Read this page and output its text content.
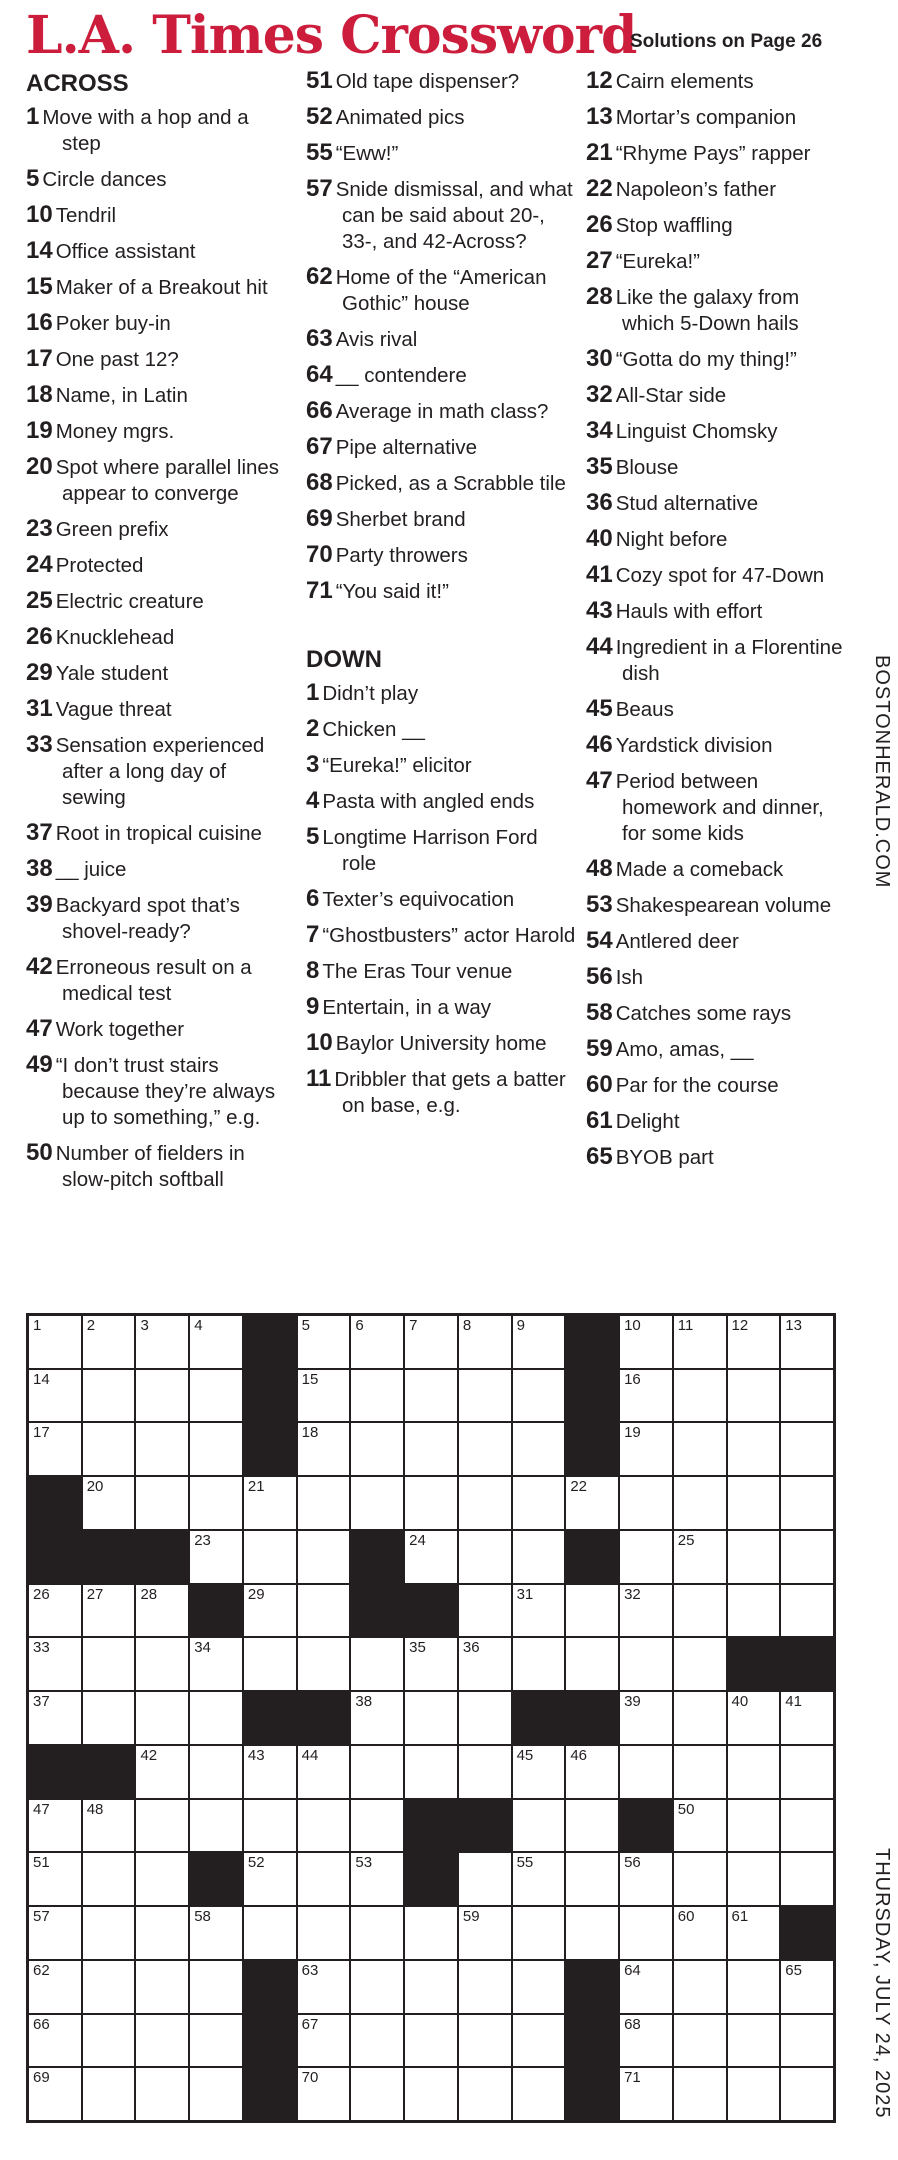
L.A. Times Crossword
Solutions on Page 26
ACROSS
1 Move with a hop and a step
5 Circle dances
10 Tendril
14 Office assistant
15 Maker of a Breakout hit
16 Poker buy-in
17 One past 12?
18 Name, in Latin
19 Money mgrs.
20 Spot where parallel lines appear to converge
23 Green prefix
24 Protected
25 Electric creature
26 Knucklehead
29 Yale student
31 Vague threat
33 Sensation experienced after a long day of sewing
37 Root in tropical cuisine
38 __ juice
39 Backyard spot that’s shovel-ready?
42 Erroneous result on a medical test
47 Work together
49 “I don’t trust stairs because they’re always up to something,” e.g.
50 Number of fielders in slow-pitch softball
51 Old tape dispenser?
52 Animated pics
55 “Eww!”
57 Snide dismissal, and what can be said about 20-, 33-, and 42-Across?
62 Home of the “American Gothic” house
63 Avis rival
64 __ contendere
66 Average in math class?
67 Pipe alternative
68 Picked, as a Scrabble tile
69 Sherbet brand
70 Party throwers
71 “You said it!”
DOWN
1 Didn’t play
2 Chicken __
3 “Eureka!” elicitor
4 Pasta with angled ends
5 Longtime Harrison Ford role
6 Texter’s equivocation
7 “Ghostbusters” actor Harold
8 The Eras Tour venue
9 Entertain, in a way
10 Baylor University home
11 Dribbler that gets a batter on base, e.g.
12 Cairn elements
13 Mortar’s companion
21 “Rhyme Pays” rapper
22 Napoleon’s father
26 Stop waffling
27 “Eureka!”
28 Like the galaxy from which 5-Down hails
30 “Gotta do my thing!”
32 All-Star side
34 Linguist Chomsky
35 Blouse
36 Stud alternative
40 Night before
41 Cozy spot for 47-Down
43 Hauls with effort
44 Ingredient in a Florentine dish
45 Beaus
46 Yardstick division
47 Period between homework and dinner, for some kids
48 Made a comeback
53 Shakespearean volume
54 Antlered deer
56 Ish
58 Catches some rays
59 Amo, amas, __
60 Par for the course
61 Delight
65 BYOB part
BOSTONHERALD.COM
THURSDAY, JULY 24, 2025
1	2	3	4	5	6	7	8	9	10 11	12 13
14	15	16
17	18	19
20	21	22
23	24	25
26 27 28	29	31	32
33	34	35 36
37	38	39	40 41
42	43 44	45 46
47 48	50
51	52	53	55	56
57	58	59	60 61
62	63	64	65
66	67	68
69	70	71
